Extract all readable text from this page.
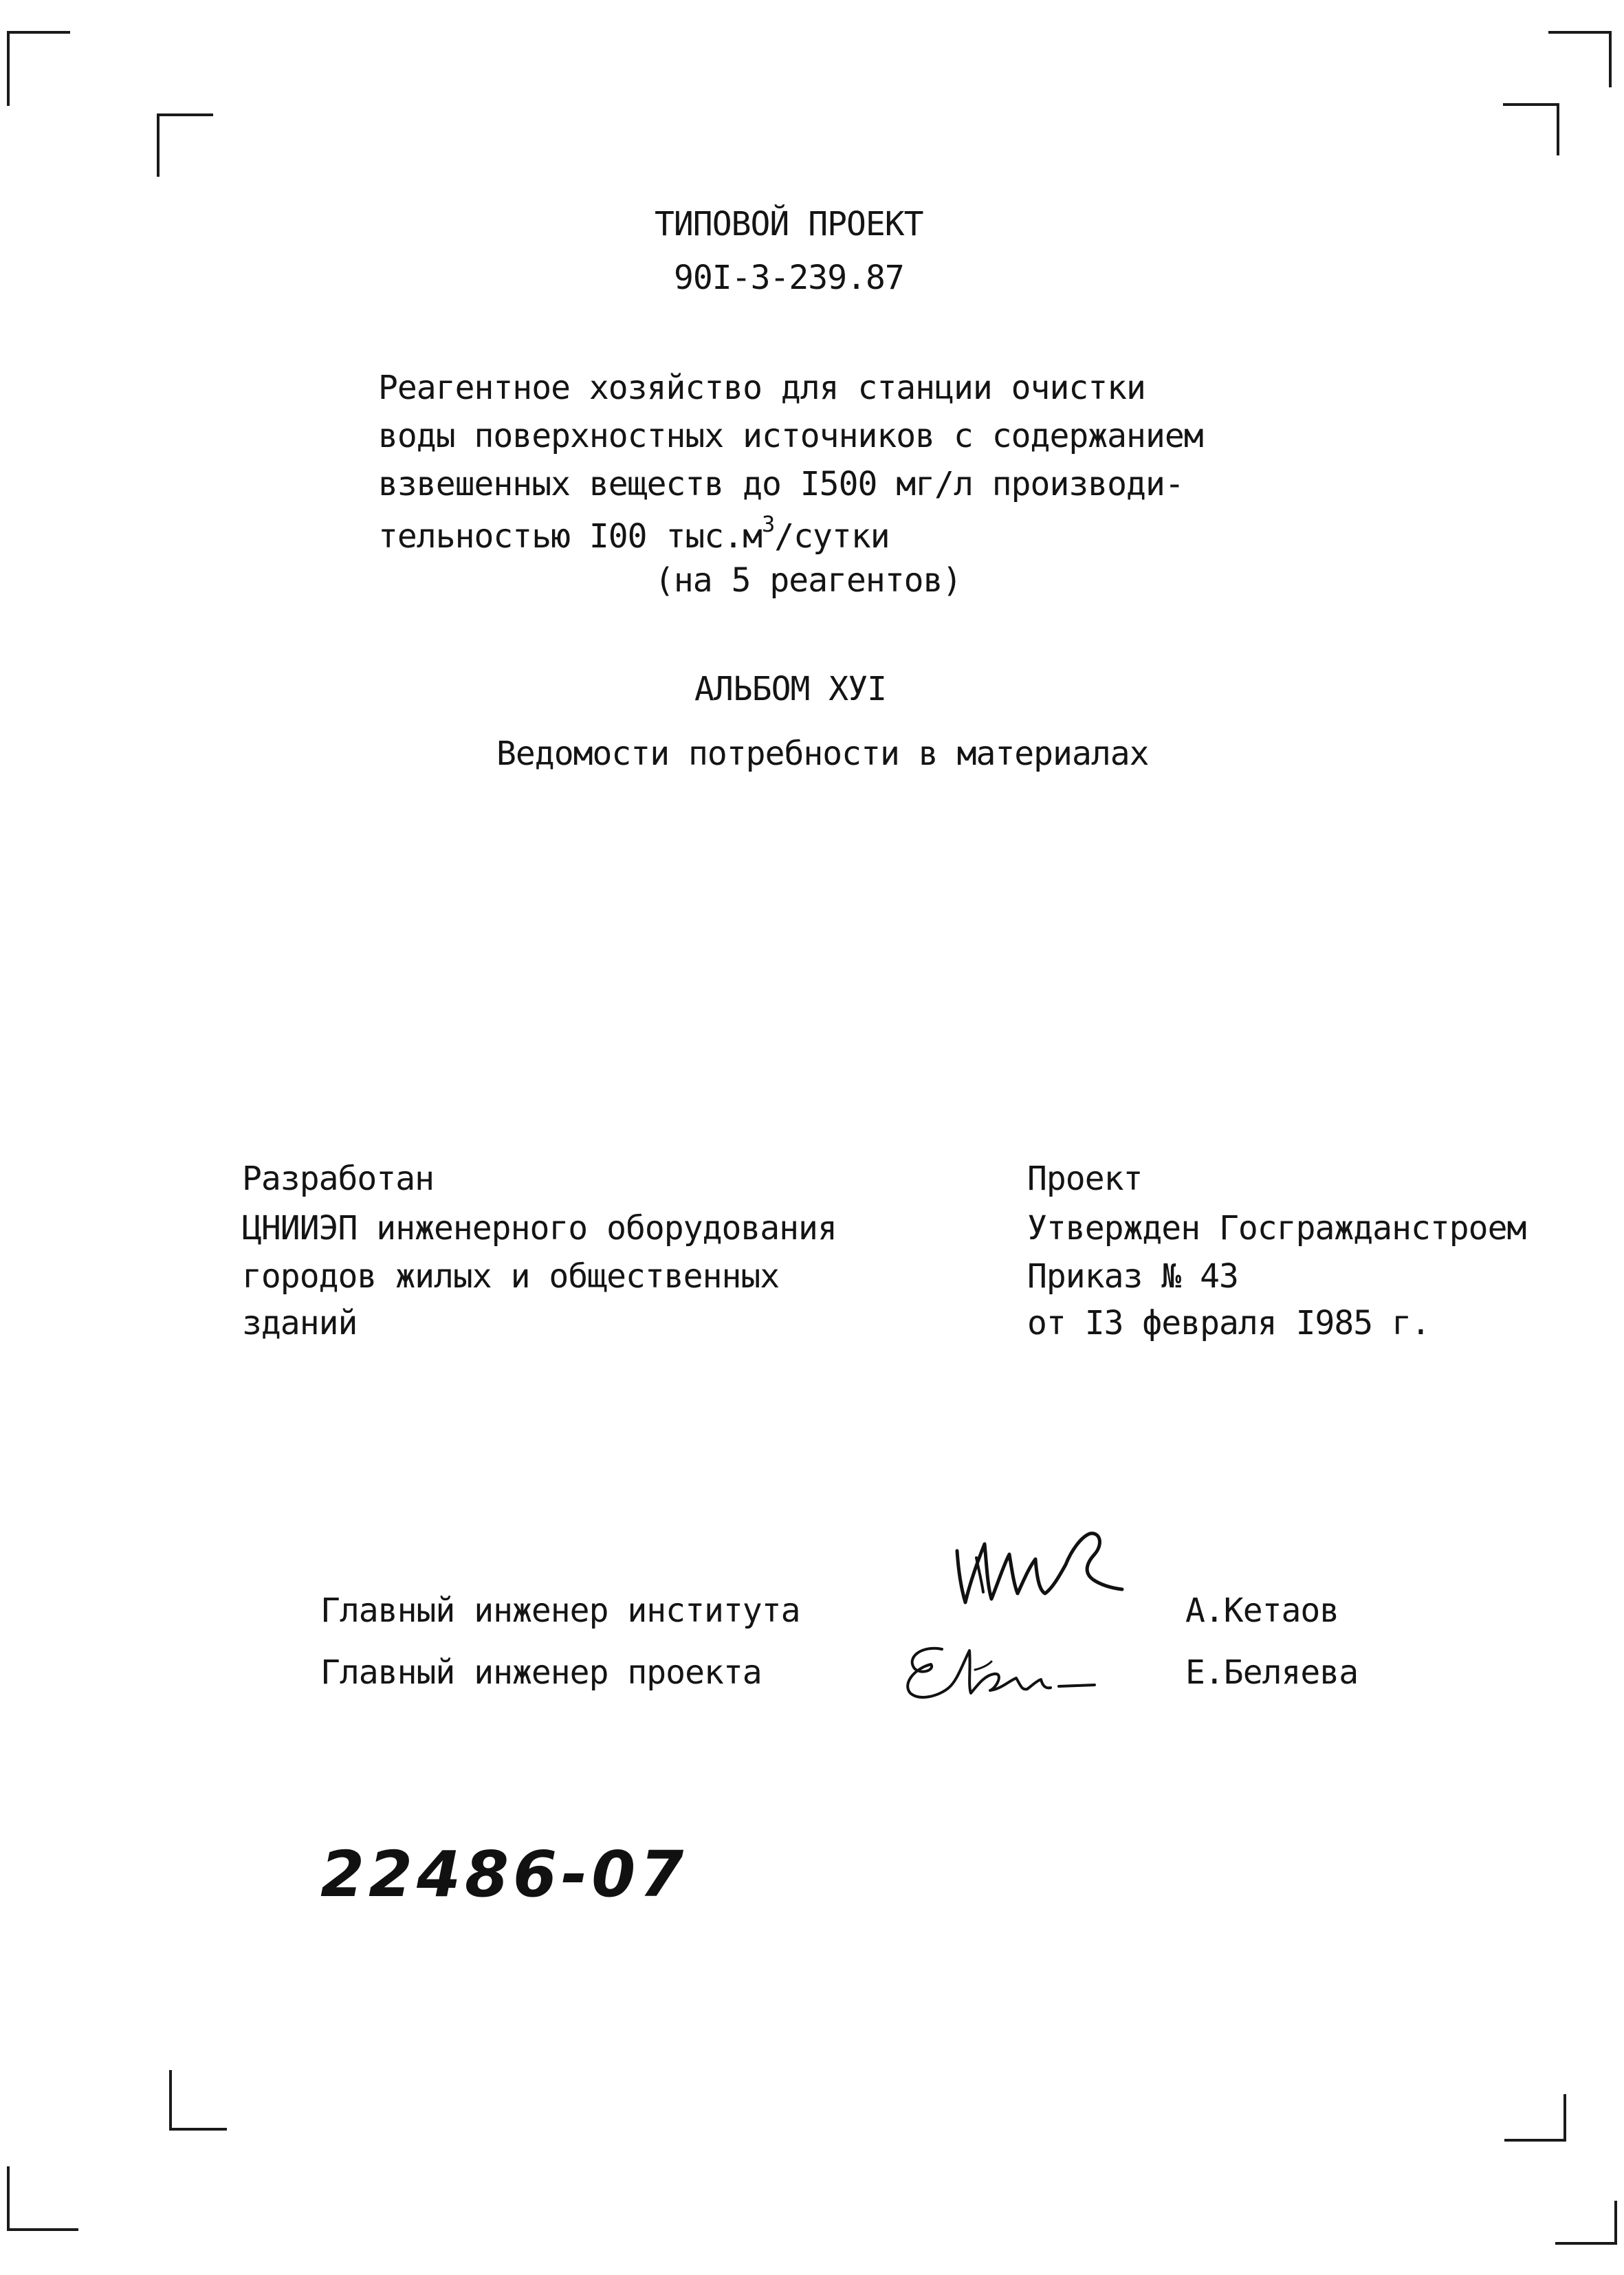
ТИПОВОЙ ПРОЕКТ
90I-3-239.87
Реагентное хозяйство для станции очистки
воды поверхностных источников с содержанием
взвешенных веществ до I500 мг/л производи-
тельностью I00 $тыс.м^3$/сутки
(на 5 реагентов)
АЛЬБОМ ХУI
Ведомости потребности в материалах
Разработан
ЦНИИЭП инженерного оборудования
городов жилых и общественных
зданий
Проект
Утвержден Госгражданстроем
Приказ № 43
от I3 февраля I985 г.
Главный инженер института	А.Кетаов
Главный инженер проекта	Е.Беляева
22486-07
